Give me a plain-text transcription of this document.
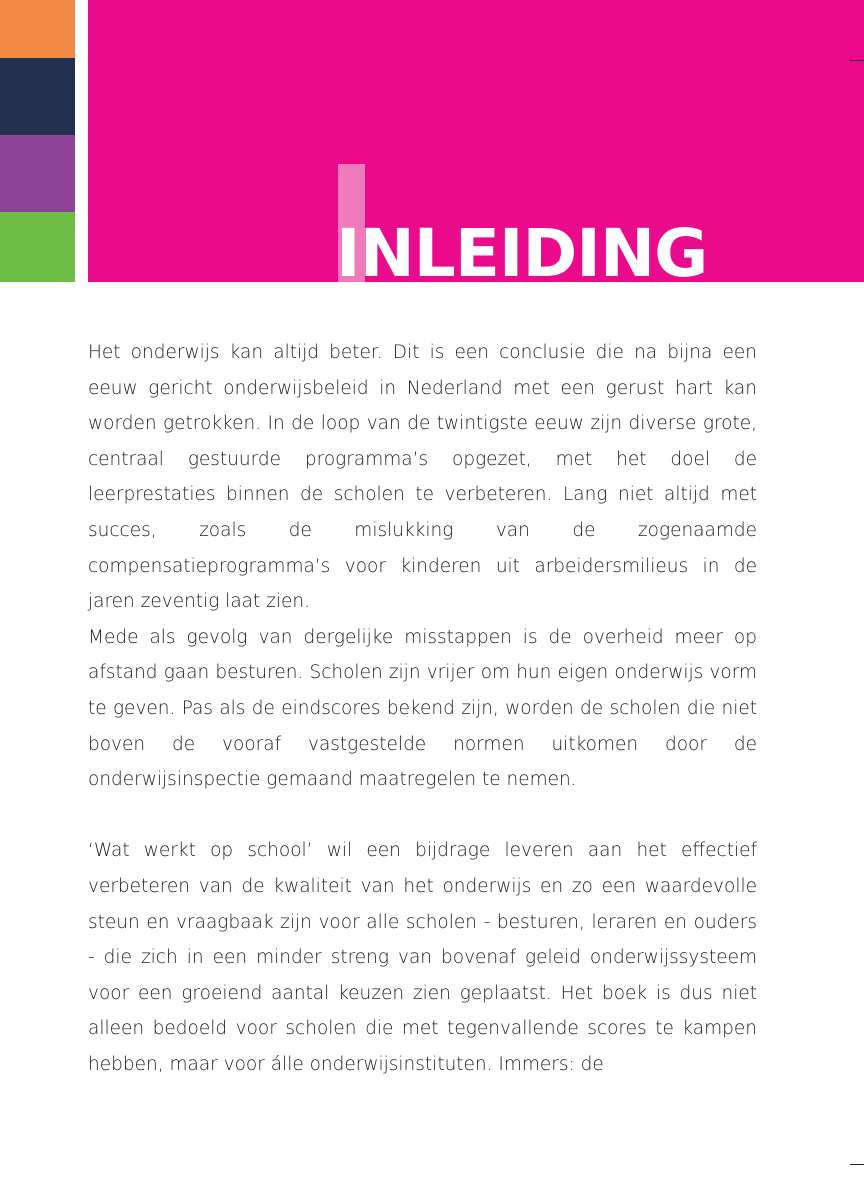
INLEIDING

Het onderwijs kan altijd beter. Dit is een conclusie die na bijna een eeuw gericht onderwijsbeleid in Nederland met een gerust hart kan worden getrokken. In de loop van de twintigste eeuw zijn diverse grote, centraal gestuurde programma’s opgezet, met het doel de leerprestaties binnen de scholen te verbeteren. Lang niet altijd met succes, zoals de mislukking van de zogenaamde compensatieprogramma’s voor kinderen uit arbeidersmilieus in de jaren zeventig laat zien.

Mede als gevolg van dergelijke misstappen is de overheid meer op afstand gaan besturen. Scholen zijn vrijer om hun eigen onderwijs vorm te geven. Pas als de eindscores bekend zijn, worden de scholen die niet boven de vooraf vastgestelde normen uitkomen door de onderwijsinspectie gemaand maatregelen te nemen.

‘Wat werkt op school’ wil een bijdrage leveren aan het effectief verbeteren van de kwaliteit van het onderwijs en zo een waardevolle steun en vraagbaak zijn voor alle scholen - besturen, leraren en ouders - die zich in een minder streng van bovenaf geleid onderwijssysteem voor een groeiend aantal keuzen zien geplaatst. Het boek is dus niet alleen bedoeld voor scholen die met tegenvallende scores te kampen hebben, maar voor álle onderwijsinstituten. Immers: de
